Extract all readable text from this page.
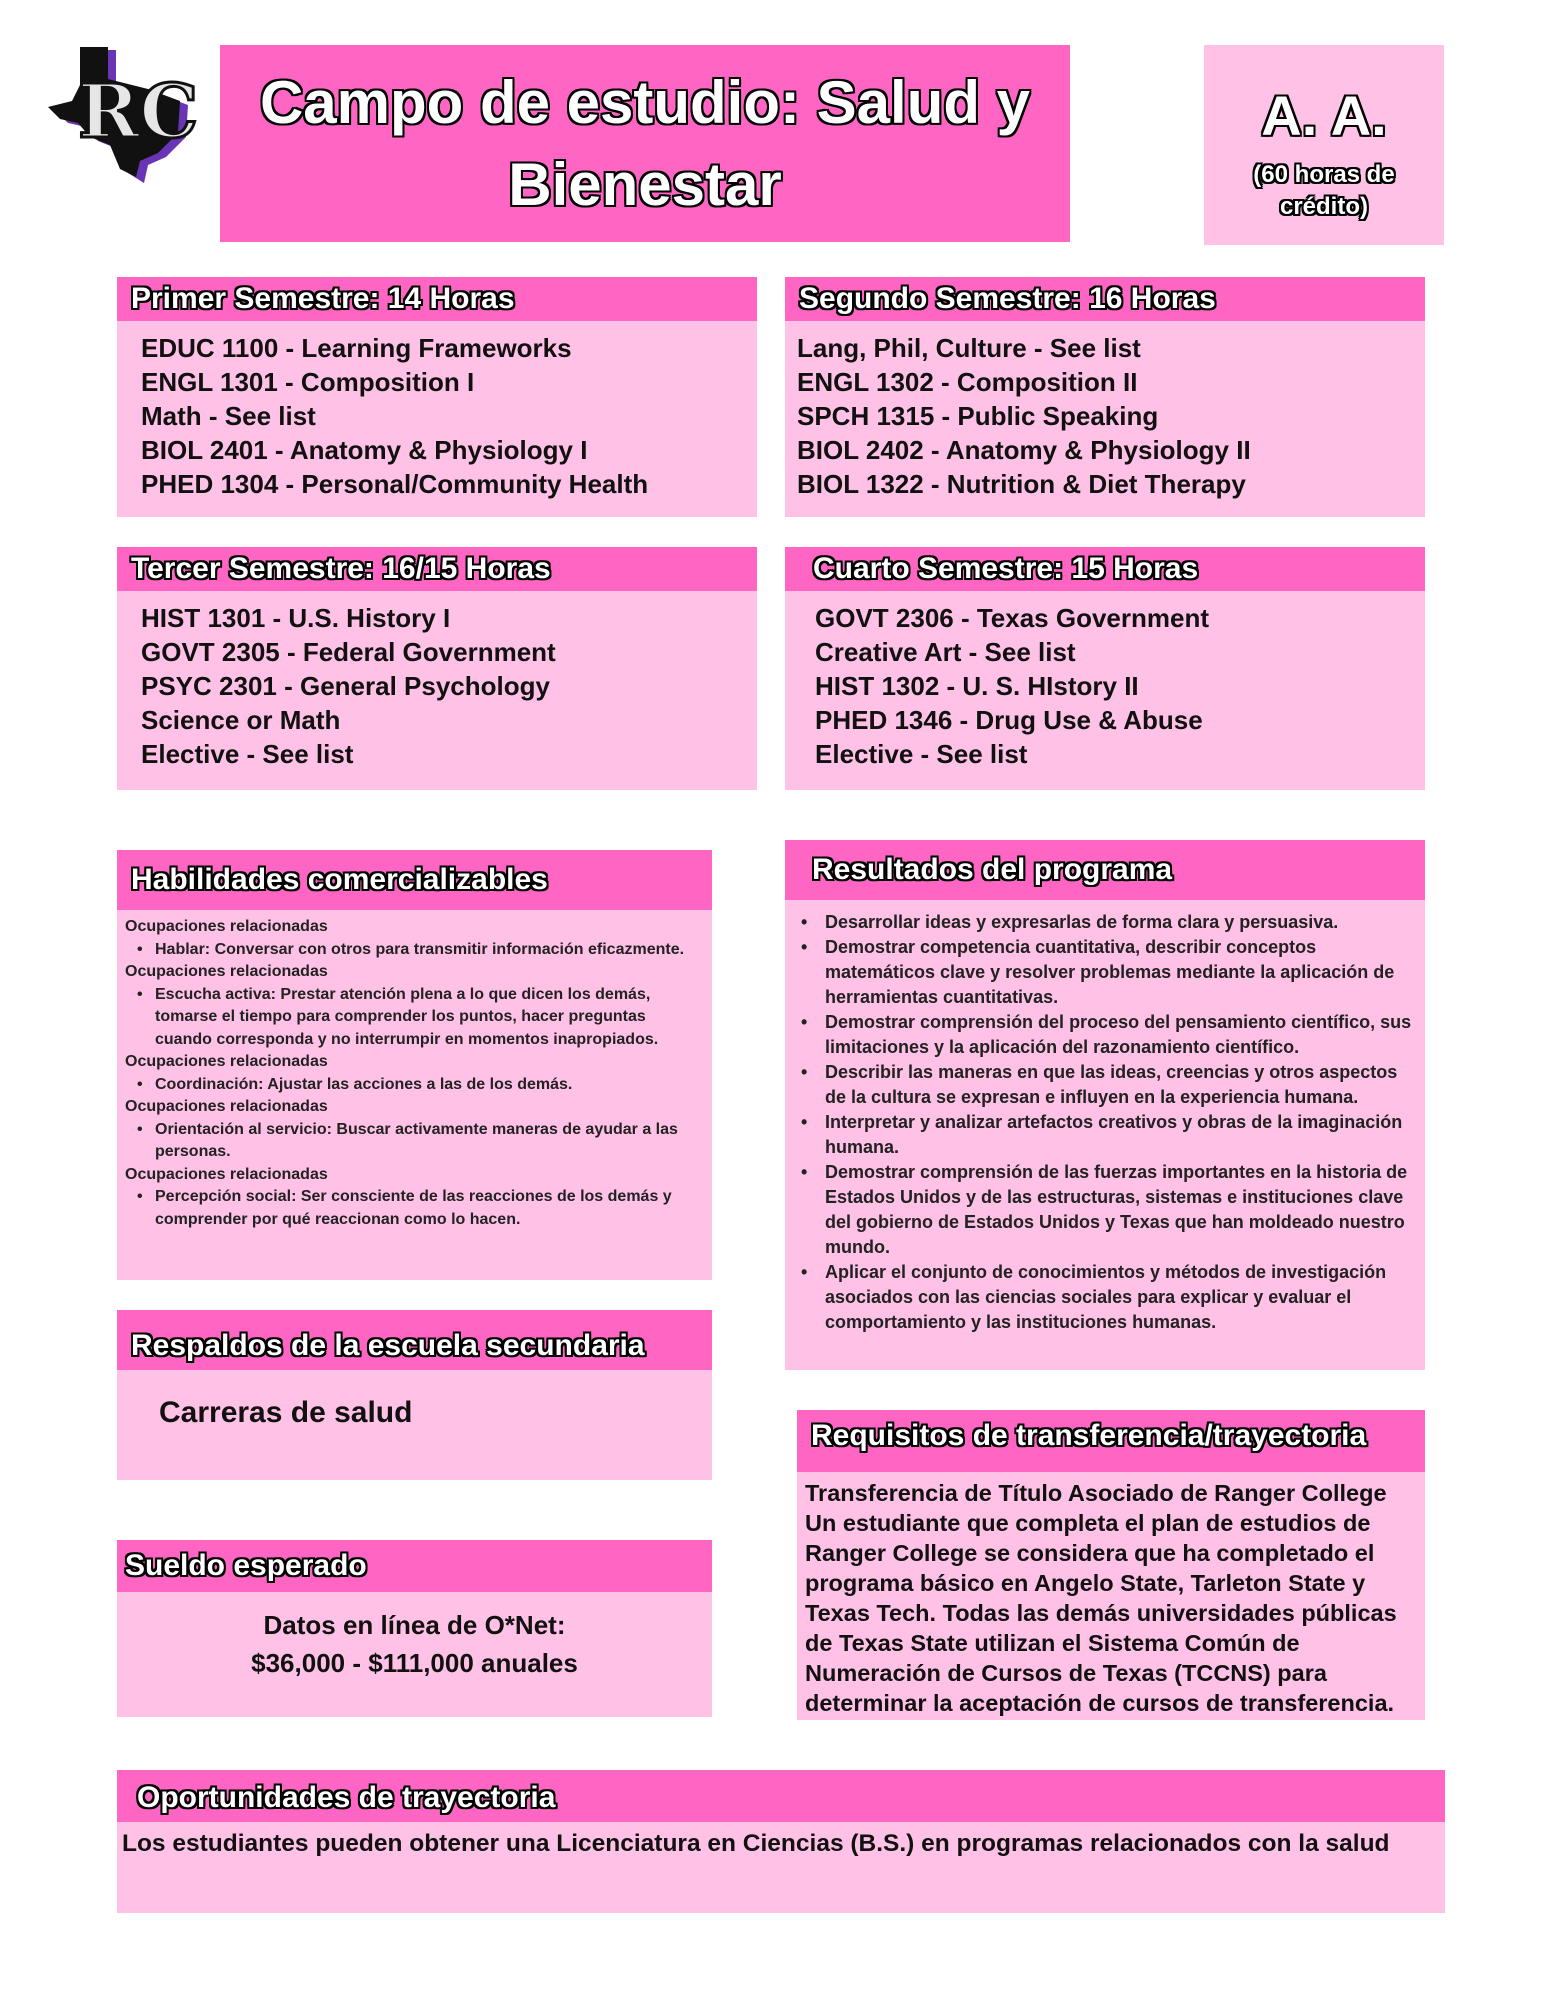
RC	Campo de estudio: Salud y Bienestar
A. A.
(60 horas de crédito)
Primer Semestre: 14 Horas
EDUC 1100 - Learning Frameworks
ENGL 1301 - Composition I
Math - See list
BIOL 2401 - Anatomy & Physiology I
PHED 1304 - Personal/Community Health
Segundo Semestre: 16 Horas
Lang, Phil, Culture - See list
ENGL 1302 - Composition II
SPCH 1315 - Public Speaking
BIOL 2402 - Anatomy & Physiology II
BIOL 1322 - Nutrition & Diet Therapy
Tercer Semestre: 16/15 Horas
HIST 1301 - U.S. History I
GOVT 2305 - Federal Government
PSYC 2301 - General Psychology
Science or Math
Elective - See list
Cuarto Semestre: 15 Horas
GOVT 2306 - Texas Government
Creative Art - See list
HIST 1302 - U. S. HIstory II
PHED 1346 - Drug Use & Abuse
Elective - See list
Habilidades comercializables
Ocupaciones relacionadas
• Hablar: Conversar con otros para transmitir información eficazmente.
Ocupaciones relacionadas
• Escucha activa: Prestar atención plena a lo que dicen los demás, tomarse el tiempo para comprender los puntos, hacer preguntas cuando corresponda y no interrumpir en momentos inapropiados.
Ocupaciones relacionadas
• Coordinación: Ajustar las acciones a las de los demás.
Ocupaciones relacionadas
• Orientación al servicio: Buscar activamente maneras de ayudar a las personas.
Ocupaciones relacionadas
• Percepción social: Ser consciente de las reacciones de los demás y comprender por qué reaccionan como lo hacen.
Resultados del programa
• Desarrollar ideas y expresarlas de forma clara y persuasiva.
• Demostrar competencia cuantitativa, describir conceptos matemáticos clave y resolver problemas mediante la aplicación de herramientas cuantitativas.
• Demostrar comprensión del proceso del pensamiento científico, sus limitaciones y la aplicación del razonamiento científico.
• Describir las maneras en que las ideas, creencias y otros aspectos de la cultura se expresan e influyen en la experiencia humana.
• Interpretar y analizar artefactos creativos y obras de la imaginación humana.
• Demostrar comprensión de las fuerzas importantes en la historia de Estados Unidos y de las estructuras, sistemas e instituciones clave del gobierno de Estados Unidos y Texas que han moldeado nuestro mundo.
• Aplicar el conjunto de conocimientos y métodos de investigación asociados con las ciencias sociales para explicar y evaluar el comportamiento y las instituciones humanas.
Respaldos de la escuela secundaria
Carreras de salud
Sueldo esperado
Datos en línea de O*Net:
$36,000 - $111,000 anuales
Requisitos de transferencia/trayectoria
Transferencia de Título Asociado de Ranger College Un estudiante que completa el plan de estudios de Ranger College se considera que ha completado el programa básico en Angelo State, Tarleton State y Texas Tech. Todas las demás universidades públicas de Texas State utilizan el Sistema Común de Numeración de Cursos de Texas (TCCNS) para determinar la aceptación de cursos de transferencia.
Oportunidades de trayectoria
Los estudiantes pueden obtener una Licenciatura en Ciencias (B.S.) en programas relacionados con la salud
